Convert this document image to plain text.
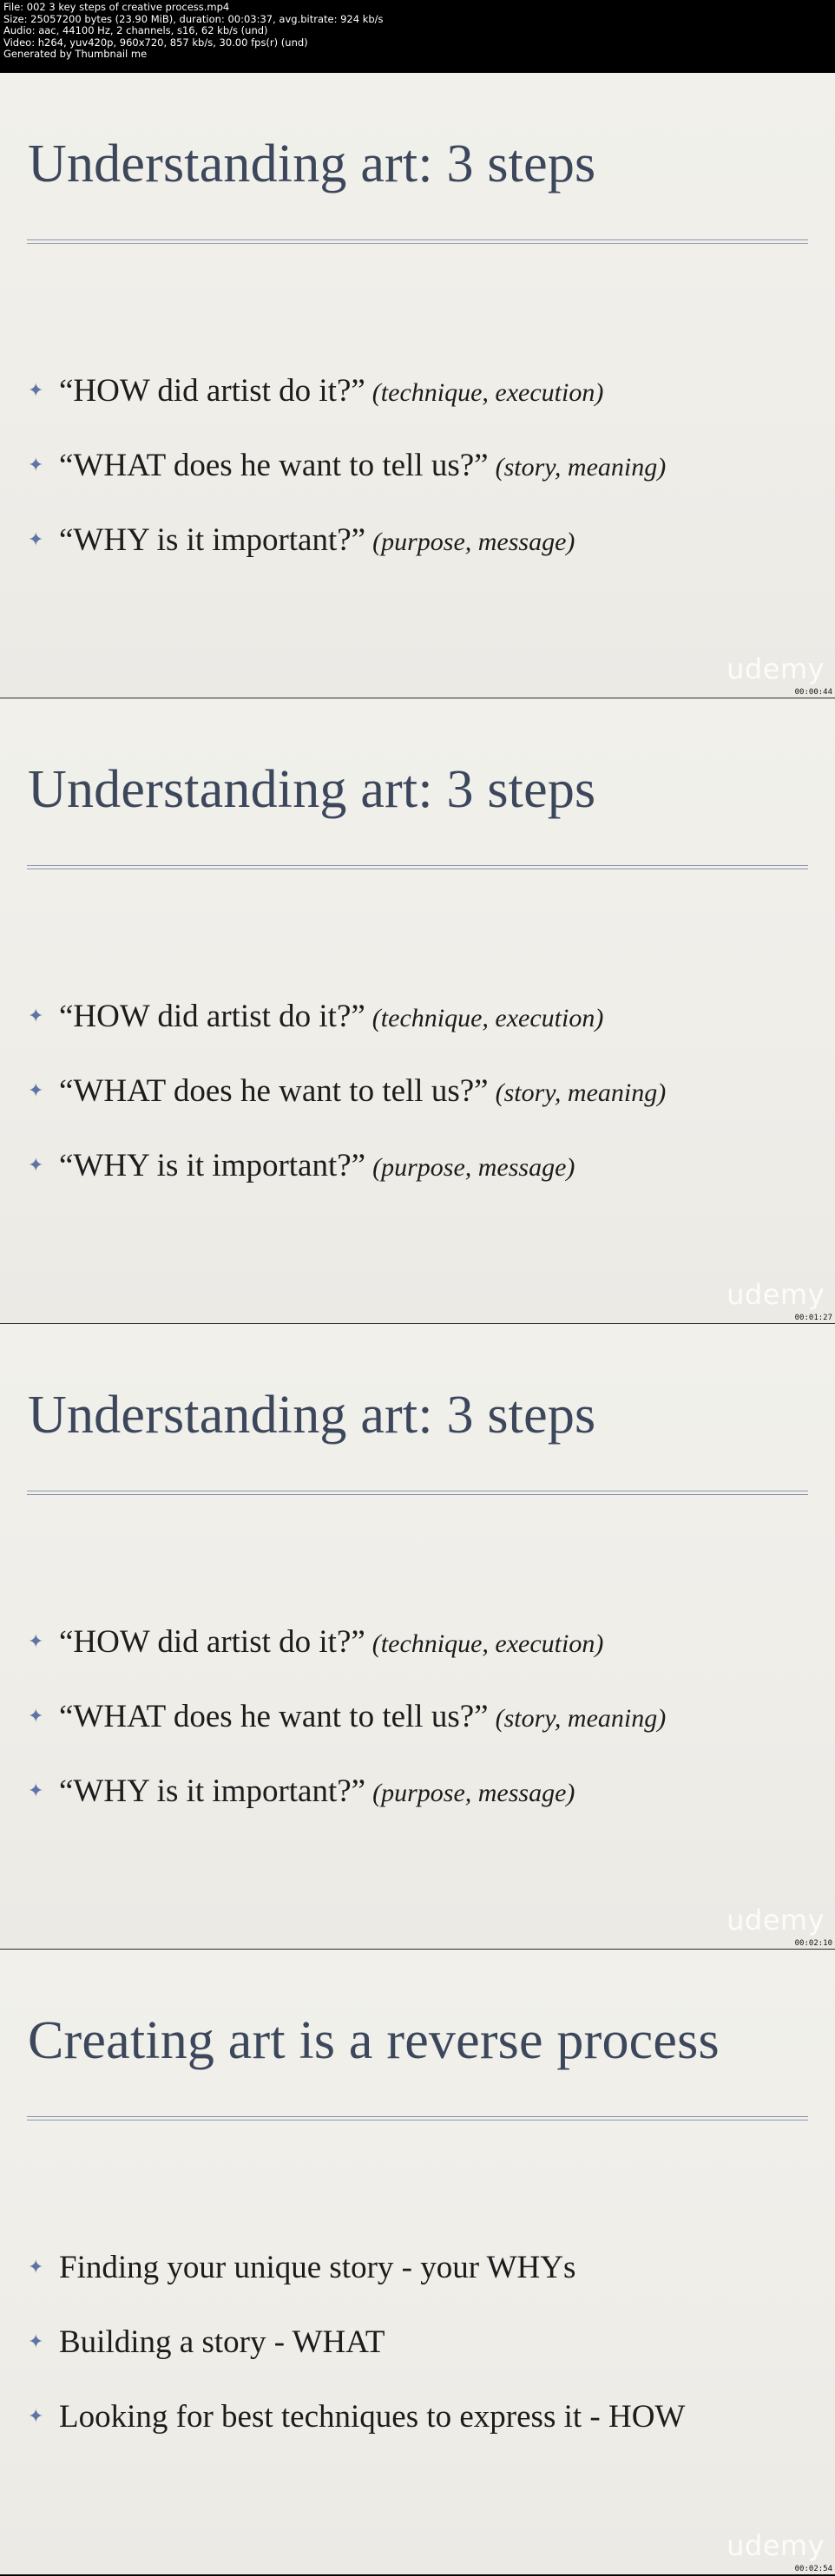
File: 002 3 key steps of creative process.mp4
Size: 25057200 bytes (23.90 MiB), duration: 00:03:37, avg.bitrate: 924 kb/s
Audio: aac, 44100 Hz, 2 channels, s16, 62 kb/s (und)
Video: h264, yuv420p, 960x720, 857 kb/s, 30.00 fps(r) (und)
Generated by Thumbnail me
Understanding art: 3 steps
✦ “HOW did artist do it?” (technique, execution)
✦ “WHAT does he want to tell us?” (story, meaning)
✦ “WHY is it important?” (purpose, message)
udemy
00:00:44
Understanding art: 3 steps
✦ “HOW did artist do it?” (technique, execution)
✦ “WHAT does he want to tell us?” (story, meaning)
✦ “WHY is it important?” (purpose, message)
udemy
00:01:27
Understanding art: 3 steps
✦ “HOW did artist do it?” (technique, execution)
✦ “WHAT does he want to tell us?” (story, meaning)
✦ “WHY is it important?” (purpose, message)
udemy
00:02:10
Creating art is a reverse process
✦ Finding your unique story - your WHYs
✦ Building a story - WHAT
✦ Looking for best techniques to express it - HOW
udemy
00:02:54
